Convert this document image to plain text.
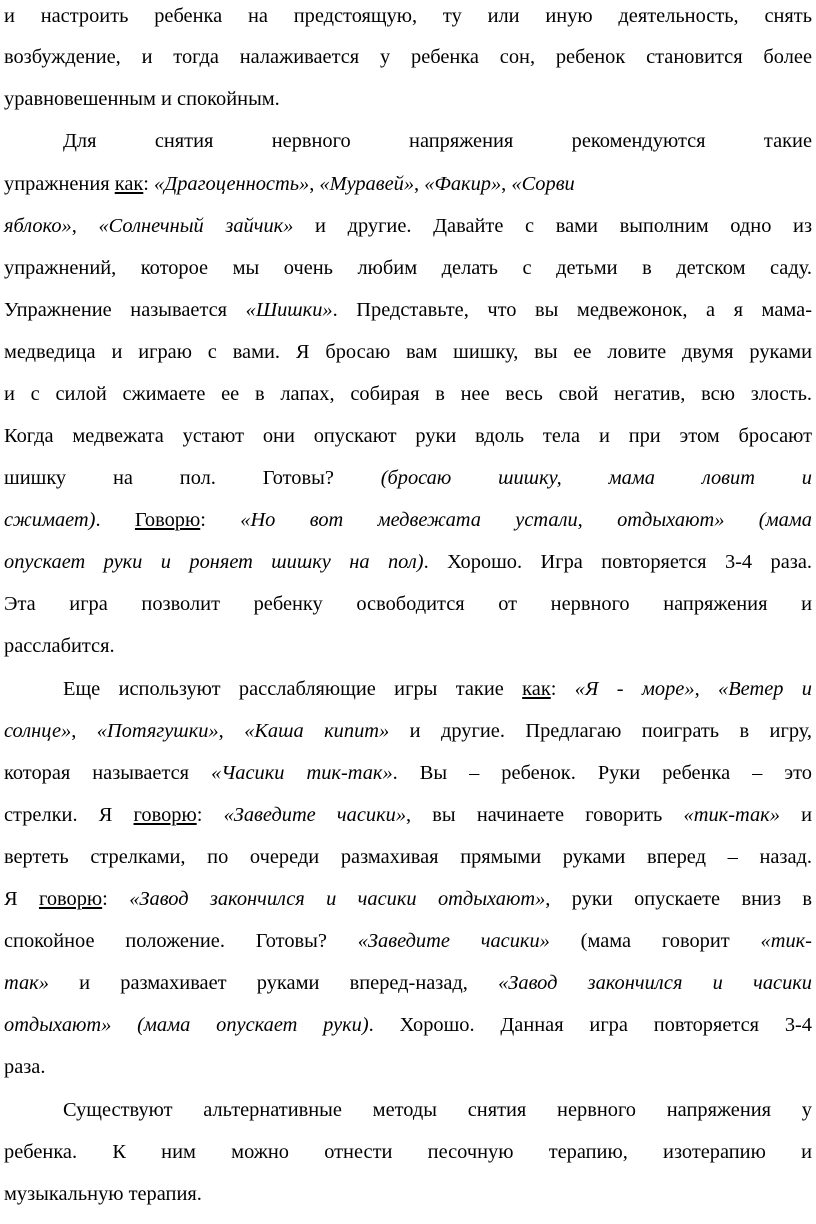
и настроить ребенка на предстоящую, ту или иную деятельность, снять
возбуждение, и тогда налаживается у ребенка сон, ребенок становится более
уравновешенным и спокойным.
Для снятия нервного напряжения рекомендуются такие
упражнения как: «Драгоценность», «Муравей», «Факир», «Сорви
яблоко», «Солнечный зайчик» и другие. Давайте с вами выполним одно из
упражнений, которое мы очень любим делать с детьми в детском саду.
Упражнение называется «Шишки». Представьте, что вы медвежонок, а я мама-
медведица и играю с вами. Я бросаю вам шишку, вы ее ловите двумя руками
и с силой сжимаете ее в лапах, собирая в нее весь свой негатив, всю злость.
Когда медвежата устают они опускают руки вдоль тела и при этом бросают
шишку на пол. Готовы? (бросаю шишку, мама ловит и
сжимает). Говорю: «Но вот медвежата устали, отдыхают» (мама
опускает руки и роняет шишку на пол). Хорошо. Игра повторяется 3-4 раза.
Эта игра позволит ребенку освободится от нервного напряжения и
расслабится.
Еще используют расслабляющие игры такие как: «Я - море», «Ветер и
солнце», «Потягушки», «Каша кипит» и другие. Предлагаю поиграть в игру,
которая называется «Часики тик-так». Вы – ребенок. Руки ребенка – это
стрелки. Я говорю: «Заведите часики», вы начинаете говорить «тик-так» и
вертеть стрелками, по очереди размахивая прямыми руками вперед – назад.
Я говорю: «Завод закончился и часики отдыхают», руки опускаете вниз в
спокойное положение. Готовы? «Заведите часики» (мама говорит «тик-
так» и размахивает руками вперед-назад, «Завод закончился и часики
отдыхают» (мама опускает руки). Хорошо. Данная игра повторяется 3-4
раза.
Существуют альтернативные методы снятия нервного напряжения у
ребенка. К ним можно отнести песочную терапию, изотерапию и
музыкальную терапия.
